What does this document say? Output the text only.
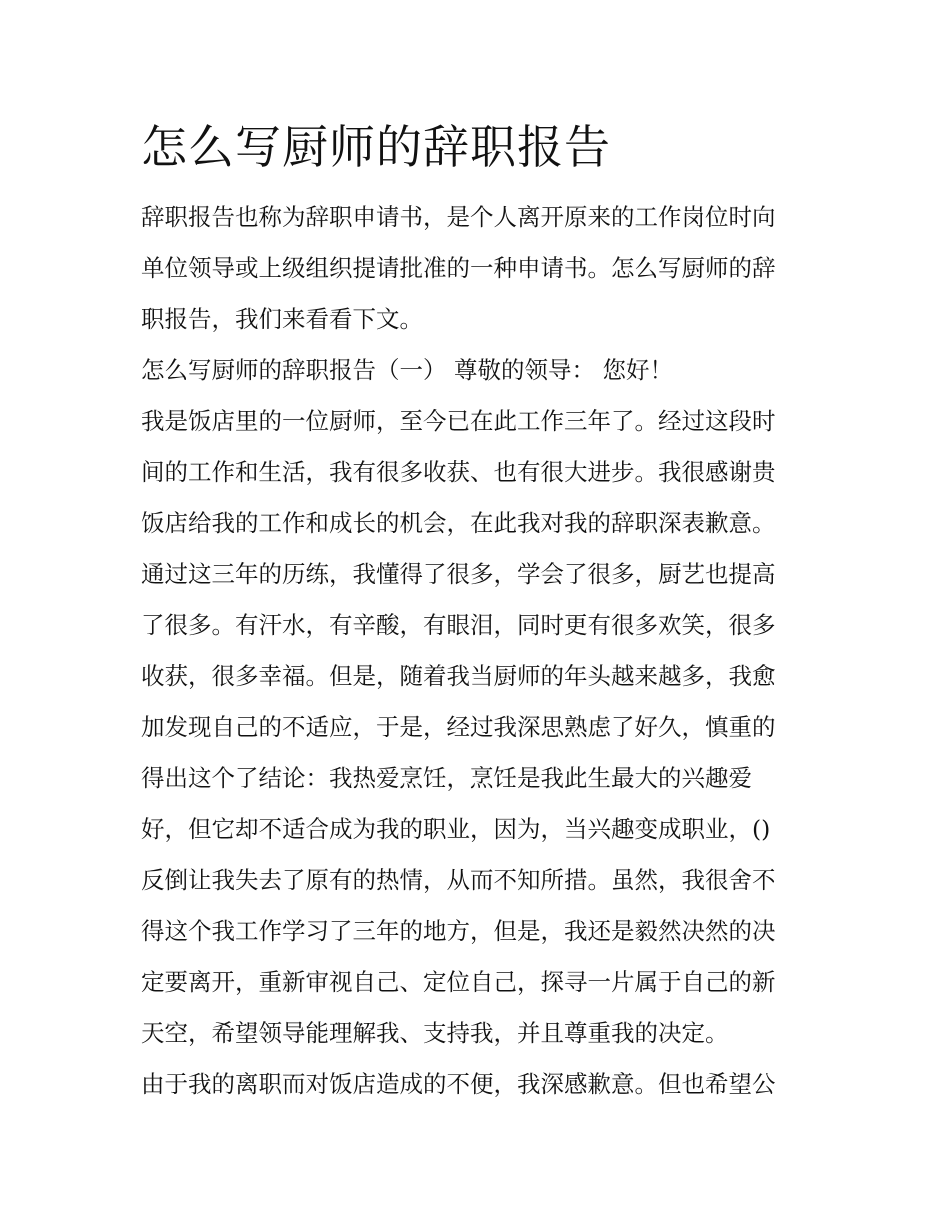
怎么写厨师的辞职报告
辞职报告也称为辞职申请书，是个人离开原来的工作岗位时向
单位领导或上级组织提请批准的一种申请书。怎么写厨师的辞
职报告，我们来看看下文。
怎么写厨师的辞职报告（一） 尊敬的领导： 您好！
我是饭店里的一位厨师，至今已在此工作三年了。经过这段时
间的工作和生活，我有很多收获、也有很大进步。我很感谢贵
饭店给我的工作和成长的机会，在此我对我的辞职深表歉意。
通过这三年的历练，我懂得了很多，学会了很多，厨艺也提高
了很多。有汗水，有辛酸，有眼泪，同时更有很多欢笑，很多
收获，很多幸福。但是，随着我当厨师的年头越来越多，我愈
加发现自己的不适应，于是，经过我深思熟虑了好久，慎重的
得出这个了结论：我热爱烹饪，烹饪是我此生最大的兴趣爱
好，但它却不适合成为我的职业，因为，当兴趣变成职业，()
反倒让我失去了原有的热情，从而不知所措。虽然，我很舍不
得这个我工作学习了三年的地方，但是，我还是毅然决然的决
定要离开，重新审视自己、定位自己，探寻一片属于自己的新
天空，希望领导能理解我、支持我，并且尊重我的决定。
由于我的离职而对饭店造成的不便，我深感歉意。但也希望公
